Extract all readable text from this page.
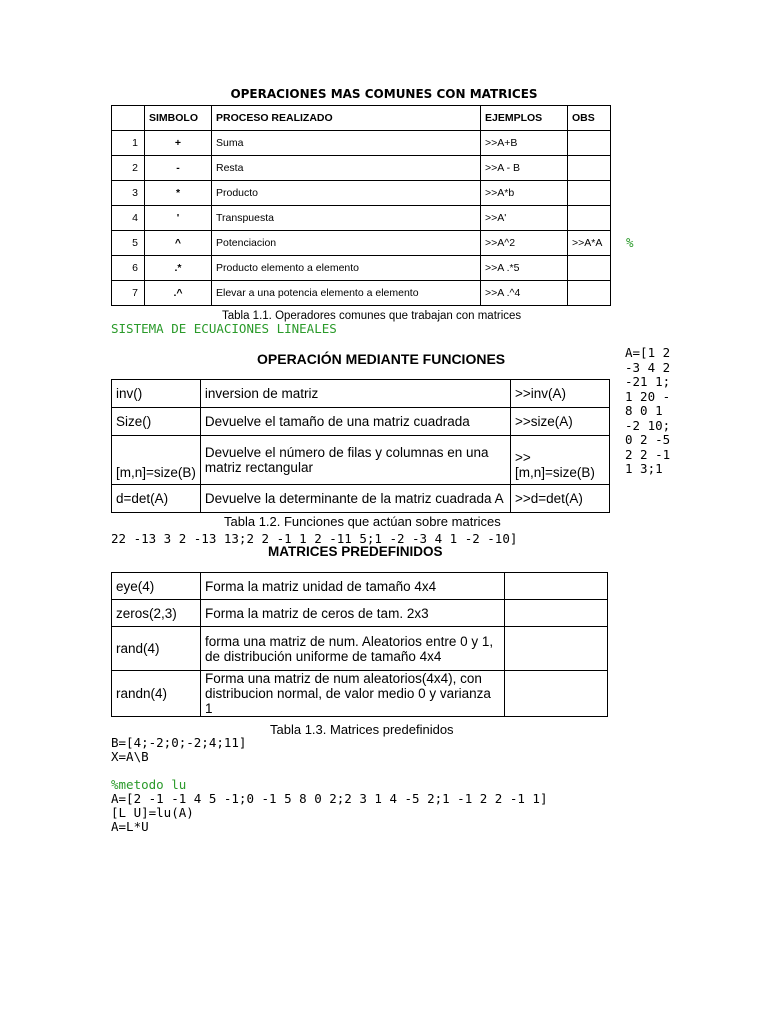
OPERACIONES MAS COMUNES CON MATRICES
	SIMBOLO	PROCESO REALIZADO	EJEMPLOS	OBS
1	+	Suma	>>A+B	
2	-	Resta	>>A - B	
3	*	Producto	>>A*b	
4	'	Transpuesta	>>A'	
5	^	Potenciacion	>>A^2	>>A*A
6	.*	Producto elemento a elemento	>>A .*5	
7	.^	Elevar a una potencia elemento a elemento	>>A .^4	
Tabla 1.1. Operadores comunes que trabajan con matrices
%
SISTEMA DE ECUACIONES LINEALES
A=[1 2 -3 4 2 -21 1;1 20 -8 0 1 -2 10;0 2 -5 2 2 -11 3;1
OPERACIÓN MEDIANTE FUNCIONES
inv()	inversion de matriz	>>inv(A)
Size()	Devuelve el tamaño de una matriz cuadrada	>>size(A)
[m,n]=size(B)	Devuelve el número de filas y columnas en una matriz rectangular	>>[m,n]=size(B)
d=det(A)	Devuelve la determinante de la matriz cuadrada A	>>d=det(A)
Tabla 1.2. Funciones que actúan sobre matrices
22 -13 3 2 -13 13;2 2 -1 1 2 -11 5;1 -2 -3 4 1 -2 -10]
MATRICES PREDEFINIDOS
eye(4)	Forma la matriz unidad de tamaño 4x4	
zeros(2,3)	Forma la matriz de ceros de tam. 2x3	
rand(4)	forma una matriz de num. Aleatorios entre 0 y 1, de distribución uniforme de tamaño 4x4	
randn(4)	Forma una matriz de num aleatorios(4x4), con distribucion normal, de valor medio 0 y varianza 1	
Tabla 1.3. Matrices predefinidos
B=[4;-2;0;-2;4;11]
X=A\B
%metodo lu
A=[2 -1 -1 4 5 -1;0 -1 5 8 0 2;2 3 1 4 -5 2;1 -1 2 2 -1 1]
[L U]=lu(A)
A=L*U
